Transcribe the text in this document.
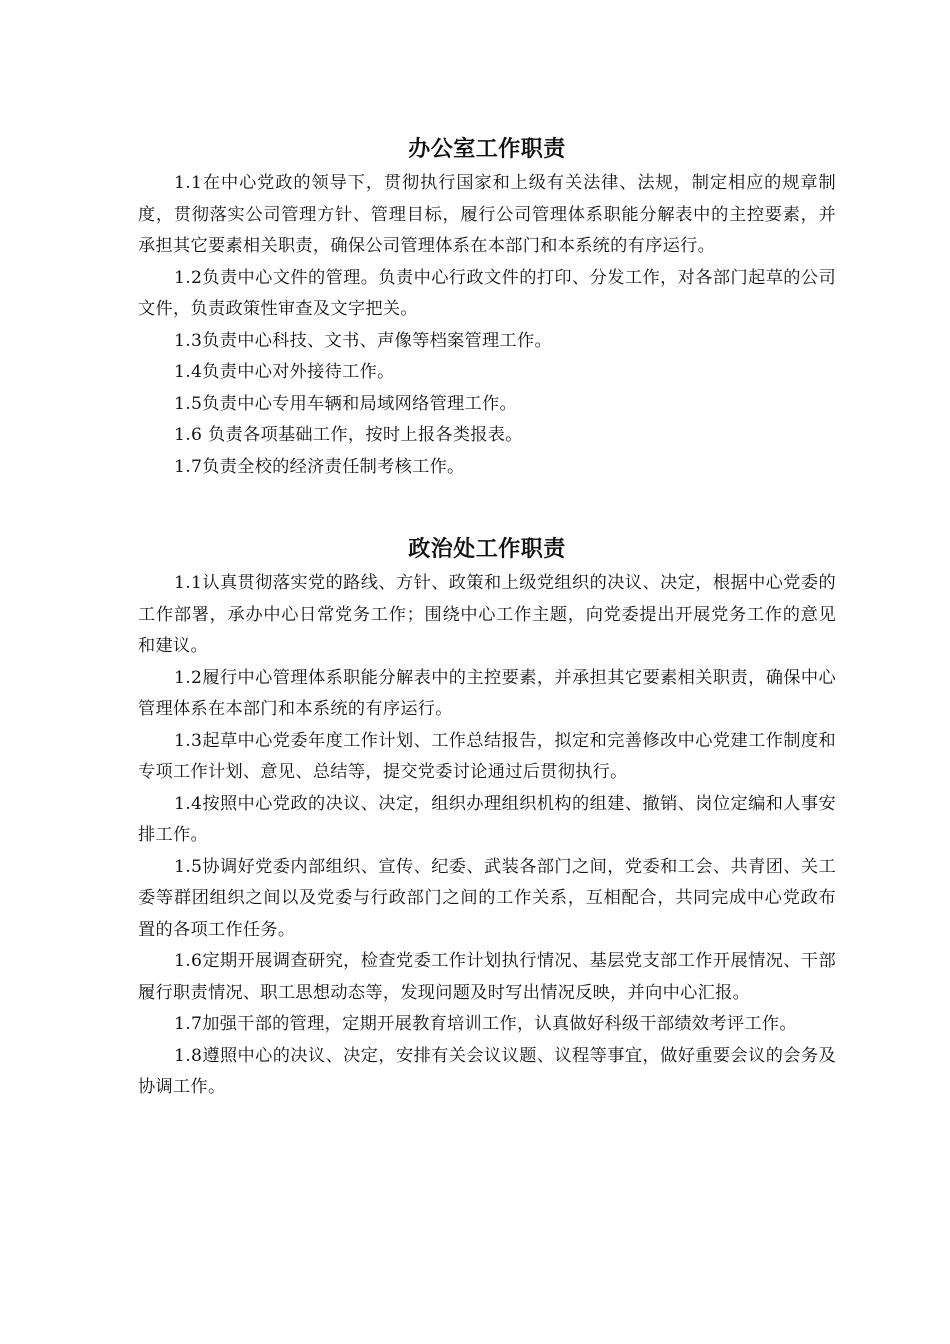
办公室工作职责

1.1在中心党政的领导下，贯彻执行国家和上级有关法律、法规，制定相应的规章制度，贯彻落实公司管理方针、管理目标，履行公司管理体系职能分解表中的主控要素，并承担其它要素相关职责，确保公司管理体系在本部门和本系统的有序运行。

1.2负责中心文件的管理。负责中心行政文件的打印、分发工作，对各部门起草的公司文件，负责政策性审查及文字把关。

1.3负责中心科技、文书、声像等档案管理工作。

1.4负责中心对外接待工作。

1.5负责中心专用车辆和局域网络管理工作。

1.6 负责各项基础工作，按时上报各类报表。

1.7负责全校的经济责任制考核工作。

政治处工作职责

1.1认真贯彻落实党的路线、方针、政策和上级党组织的决议、决定，根据中心党委的工作部署，承办中心日常党务工作；围绕中心工作主题，向党委提出开展党务工作的意见和建议。

1.2履行中心管理体系职能分解表中的主控要素，并承担其它要素相关职责，确保中心管理体系在本部门和本系统的有序运行。

1.3起草中心党委年度工作计划、工作总结报告，拟定和完善修改中心党建工作制度和专项工作计划、意见、总结等，提交党委讨论通过后贯彻执行。

1.4按照中心党政的决议、决定，组织办理组织机构的组建、撤销、岗位定编和人事安排工作。

1.5协调好党委内部组织、宣传、纪委、武装各部门之间，党委和工会、共青团、关工委等群团组织之间以及党委与行政部门之间的工作关系，互相配合，共同完成中心党政布置的各项工作任务。

1.6定期开展调查研究，检查党委工作计划执行情况、基层党支部工作开展情况、干部履行职责情况、职工思想动态等，发现问题及时写出情况反映，并向中心汇报。

1.7加强干部的管理，定期开展教育培训工作，认真做好科级干部绩效考评工作。

1.8遵照中心的决议、决定，安排有关会议议题、议程等事宜，做好重要会议的会务及协调工作。
